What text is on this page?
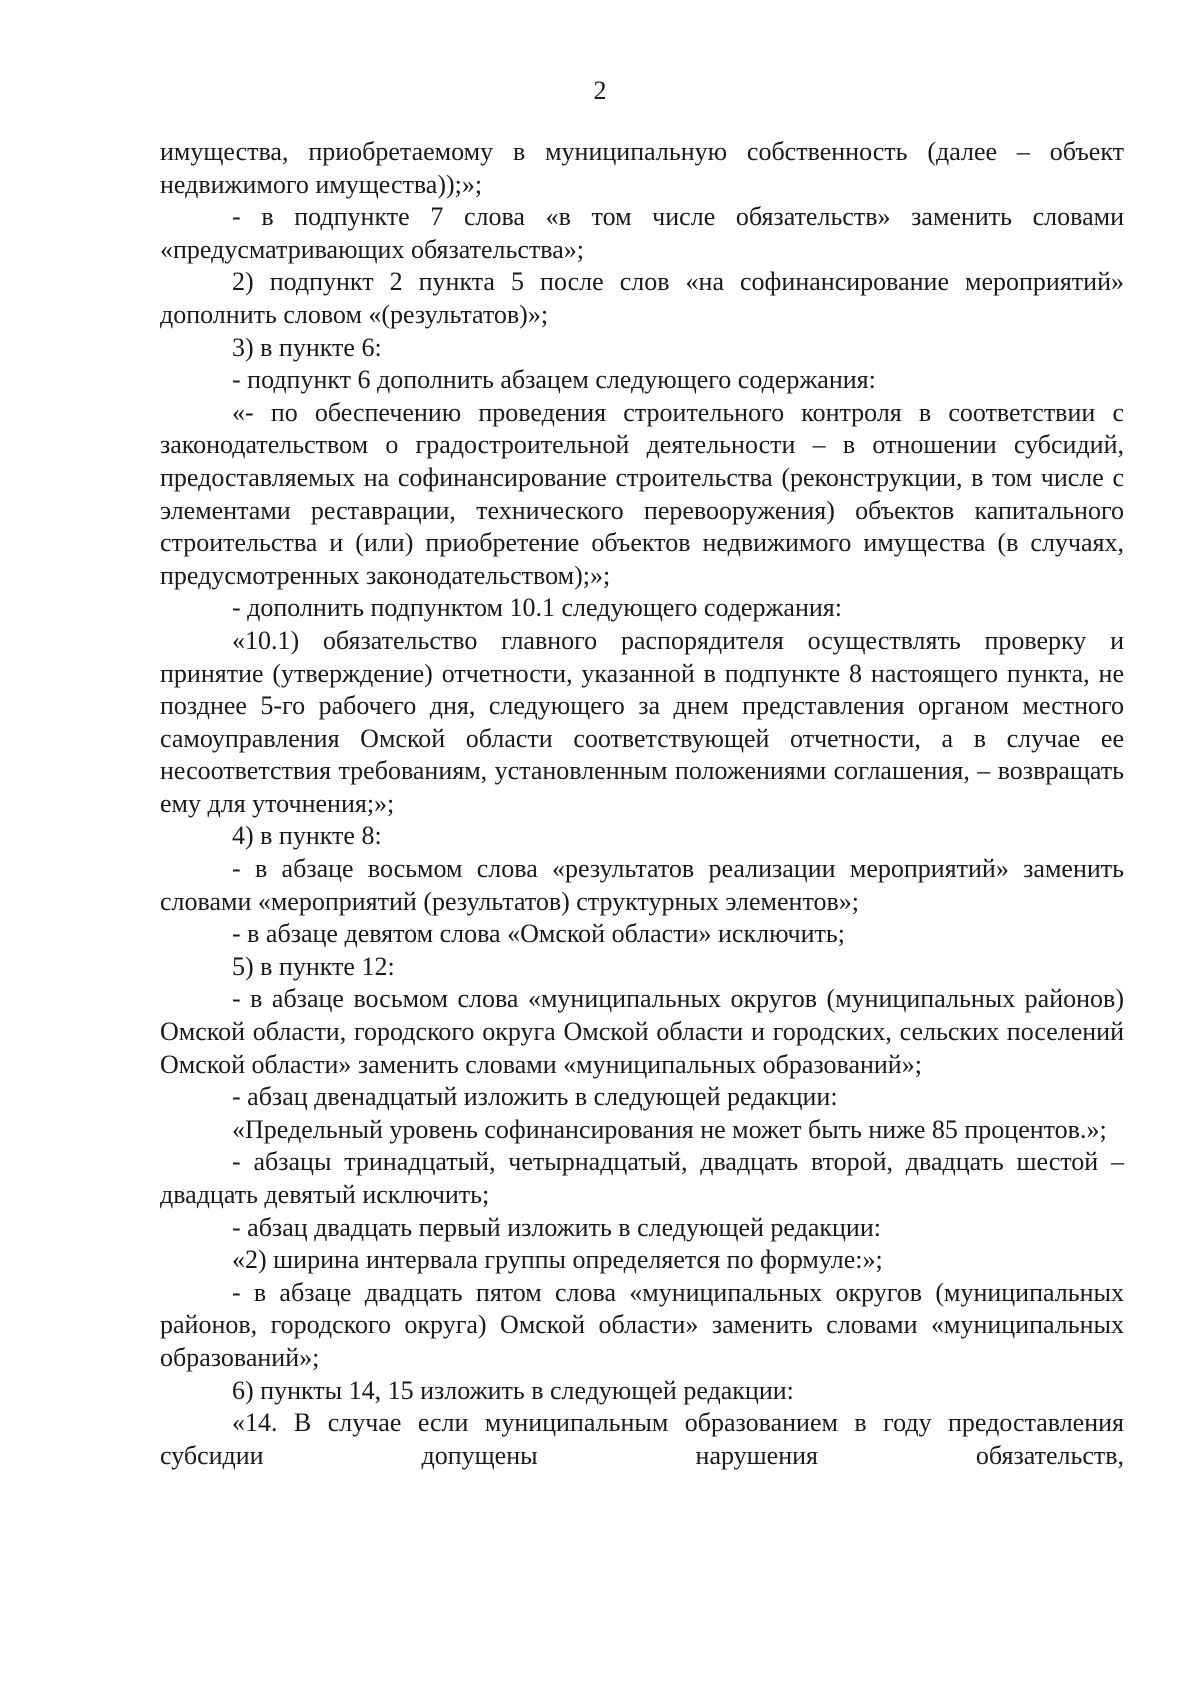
2

имущества, приобретаемому в муниципальную собственность (далее – объект недвижимого имущества));»;

- в подпункте 7 слова «в том числе обязательств» заменить словами «предусматривающих обязательства»;

2) подпункт 2 пункта 5 после слов «на софинансирование мероприятий» дополнить словом «(результатов)»;

3) в пункте 6:

- подпункт 6 дополнить абзацем следующего содержания:

«- по обеспечению проведения строительного контроля в соответствии с законодательством о градостроительной деятельности – в отношении субсидий, предоставляемых на софинансирование строительства (реконструкции, в том числе с элементами реставрации, технического перевооружения) объектов капитального строительства и (или) приобретение объектов недвижимого имущества (в случаях, предусмотренных законодательством);»;

- дополнить подпунктом 10.1 следующего содержания:

«10.1) обязательство главного распорядителя осуществлять проверку и принятие (утверждение) отчетности, указанной в подпункте 8 настоящего пункта, не позднее 5-го рабочего дня, следующего за днем представления органом местного самоуправления Омской области соответствующей отчетности, а в случае ее несоответствия требованиям, установленным положениями соглашения, – возвращать ему для уточнения;»;

4) в пункте 8:

- в абзаце восьмом слова «результатов реализации мероприятий» заменить словами «мероприятий (результатов) структурных элементов»;

- в абзаце девятом слова «Омской области» исключить;

5) в пункте 12:

- в абзаце восьмом слова «муниципальных округов (муниципальных районов) Омской области, городского округа Омской области и городских, сельских поселений Омской области» заменить словами «муниципальных образований»;

- абзац двенадцатый изложить в следующей редакции:

«Предельный уровень софинансирования не может быть ниже 85 процентов.»;

- абзацы тринадцатый, четырнадцатый, двадцать второй, двадцать шестой – двадцать девятый исключить;

- абзац двадцать первый изложить в следующей редакции:

«2) ширина интервала группы определяется по формуле:»;

- в абзаце двадцать пятом слова «муниципальных округов (муниципальных районов, городского округа) Омской области» заменить словами «муниципальных образований»;

6) пункты 14, 15 изложить в следующей редакции:

«14. В случае если муниципальным образованием в году предоставления субсидии допущены нарушения обязательств,
